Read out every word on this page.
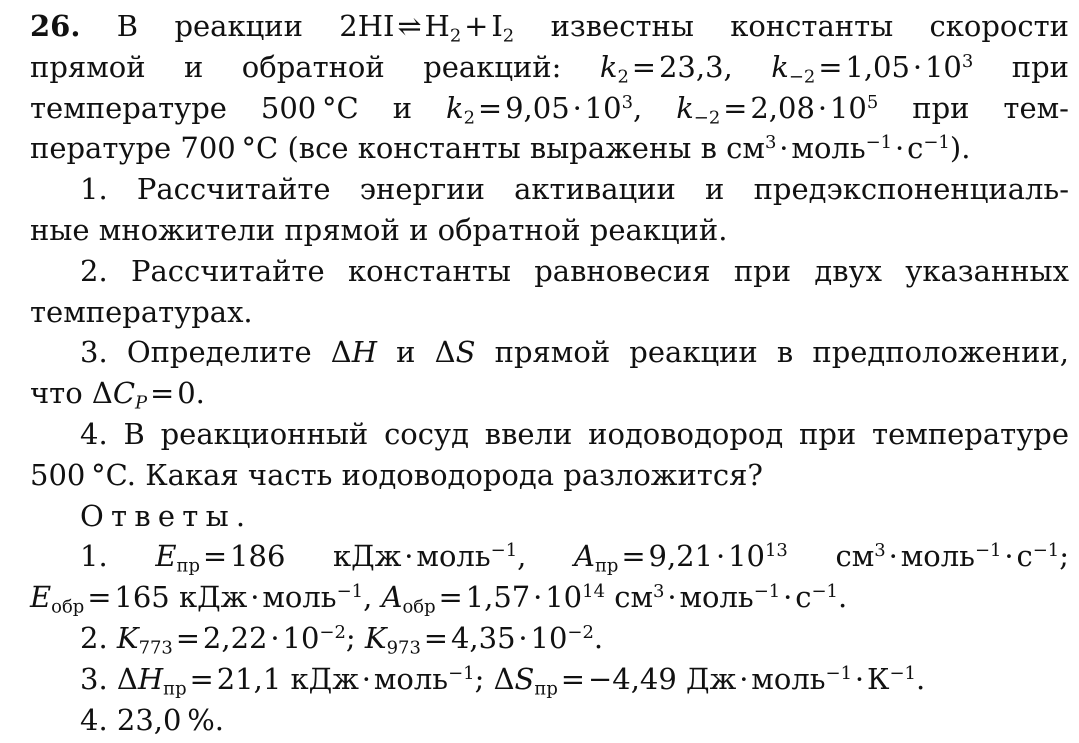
26. В реакции 2HI ⇌ $H_2$ + $I_2$ известны константы скорости
прямой и обратной реакций: $k_2$ = 23,3, $k_{-2}$ = 1,05 · $10^3$ при
температуре 500 °C и $k_2$ = 9,05 · $10^3$, $k_{-2}$ = 2,08 · $10^5$ при тем-
пературе 700 °C (все константы выражены в $см^3$ · моль$^{-1}$ · $с^{-1}$).
1. Рассчитайте энергии активации и предэкспоненциаль-
ные множители прямой и обратной реакций.
2. Рассчитайте константы равновесия при двух указанных
температурах.
3. Определите ΔH и ΔS прямой реакции в предположении,
что $\Delta C_P$ = 0.
4. В реакционный сосуд ввели иодоводород при температуре
500 °C. Какая часть иодоводорода разложится?
Ответы.
1. $E_{пр}$ = 186 кДж · моль$^{-1}$, $A_{пр}$ = 9,21 · $10^{13}$ $см^3$ · моль$^{-1}$ · $с^{-1}$;
$E_{обр}$ = 165 кДж · моль$^{-1}$, $A_{обр}$ = 1,57 · $10^{14}$ $см^3$ · моль$^{-1}$ · $с^{-1}$.
2. $K_{773}$ = 2,22 · $10^{-2}$; $K_{973}$ = 4,35 · $10^{-2}$.
3. $\Delta H_{пр}$ = 21,1 кДж · моль$^{-1}$; $\Delta S_{пр}$ = −4,49 Дж · моль$^{-1}$ · $К^{-1}$.
4. 23,0 %.
